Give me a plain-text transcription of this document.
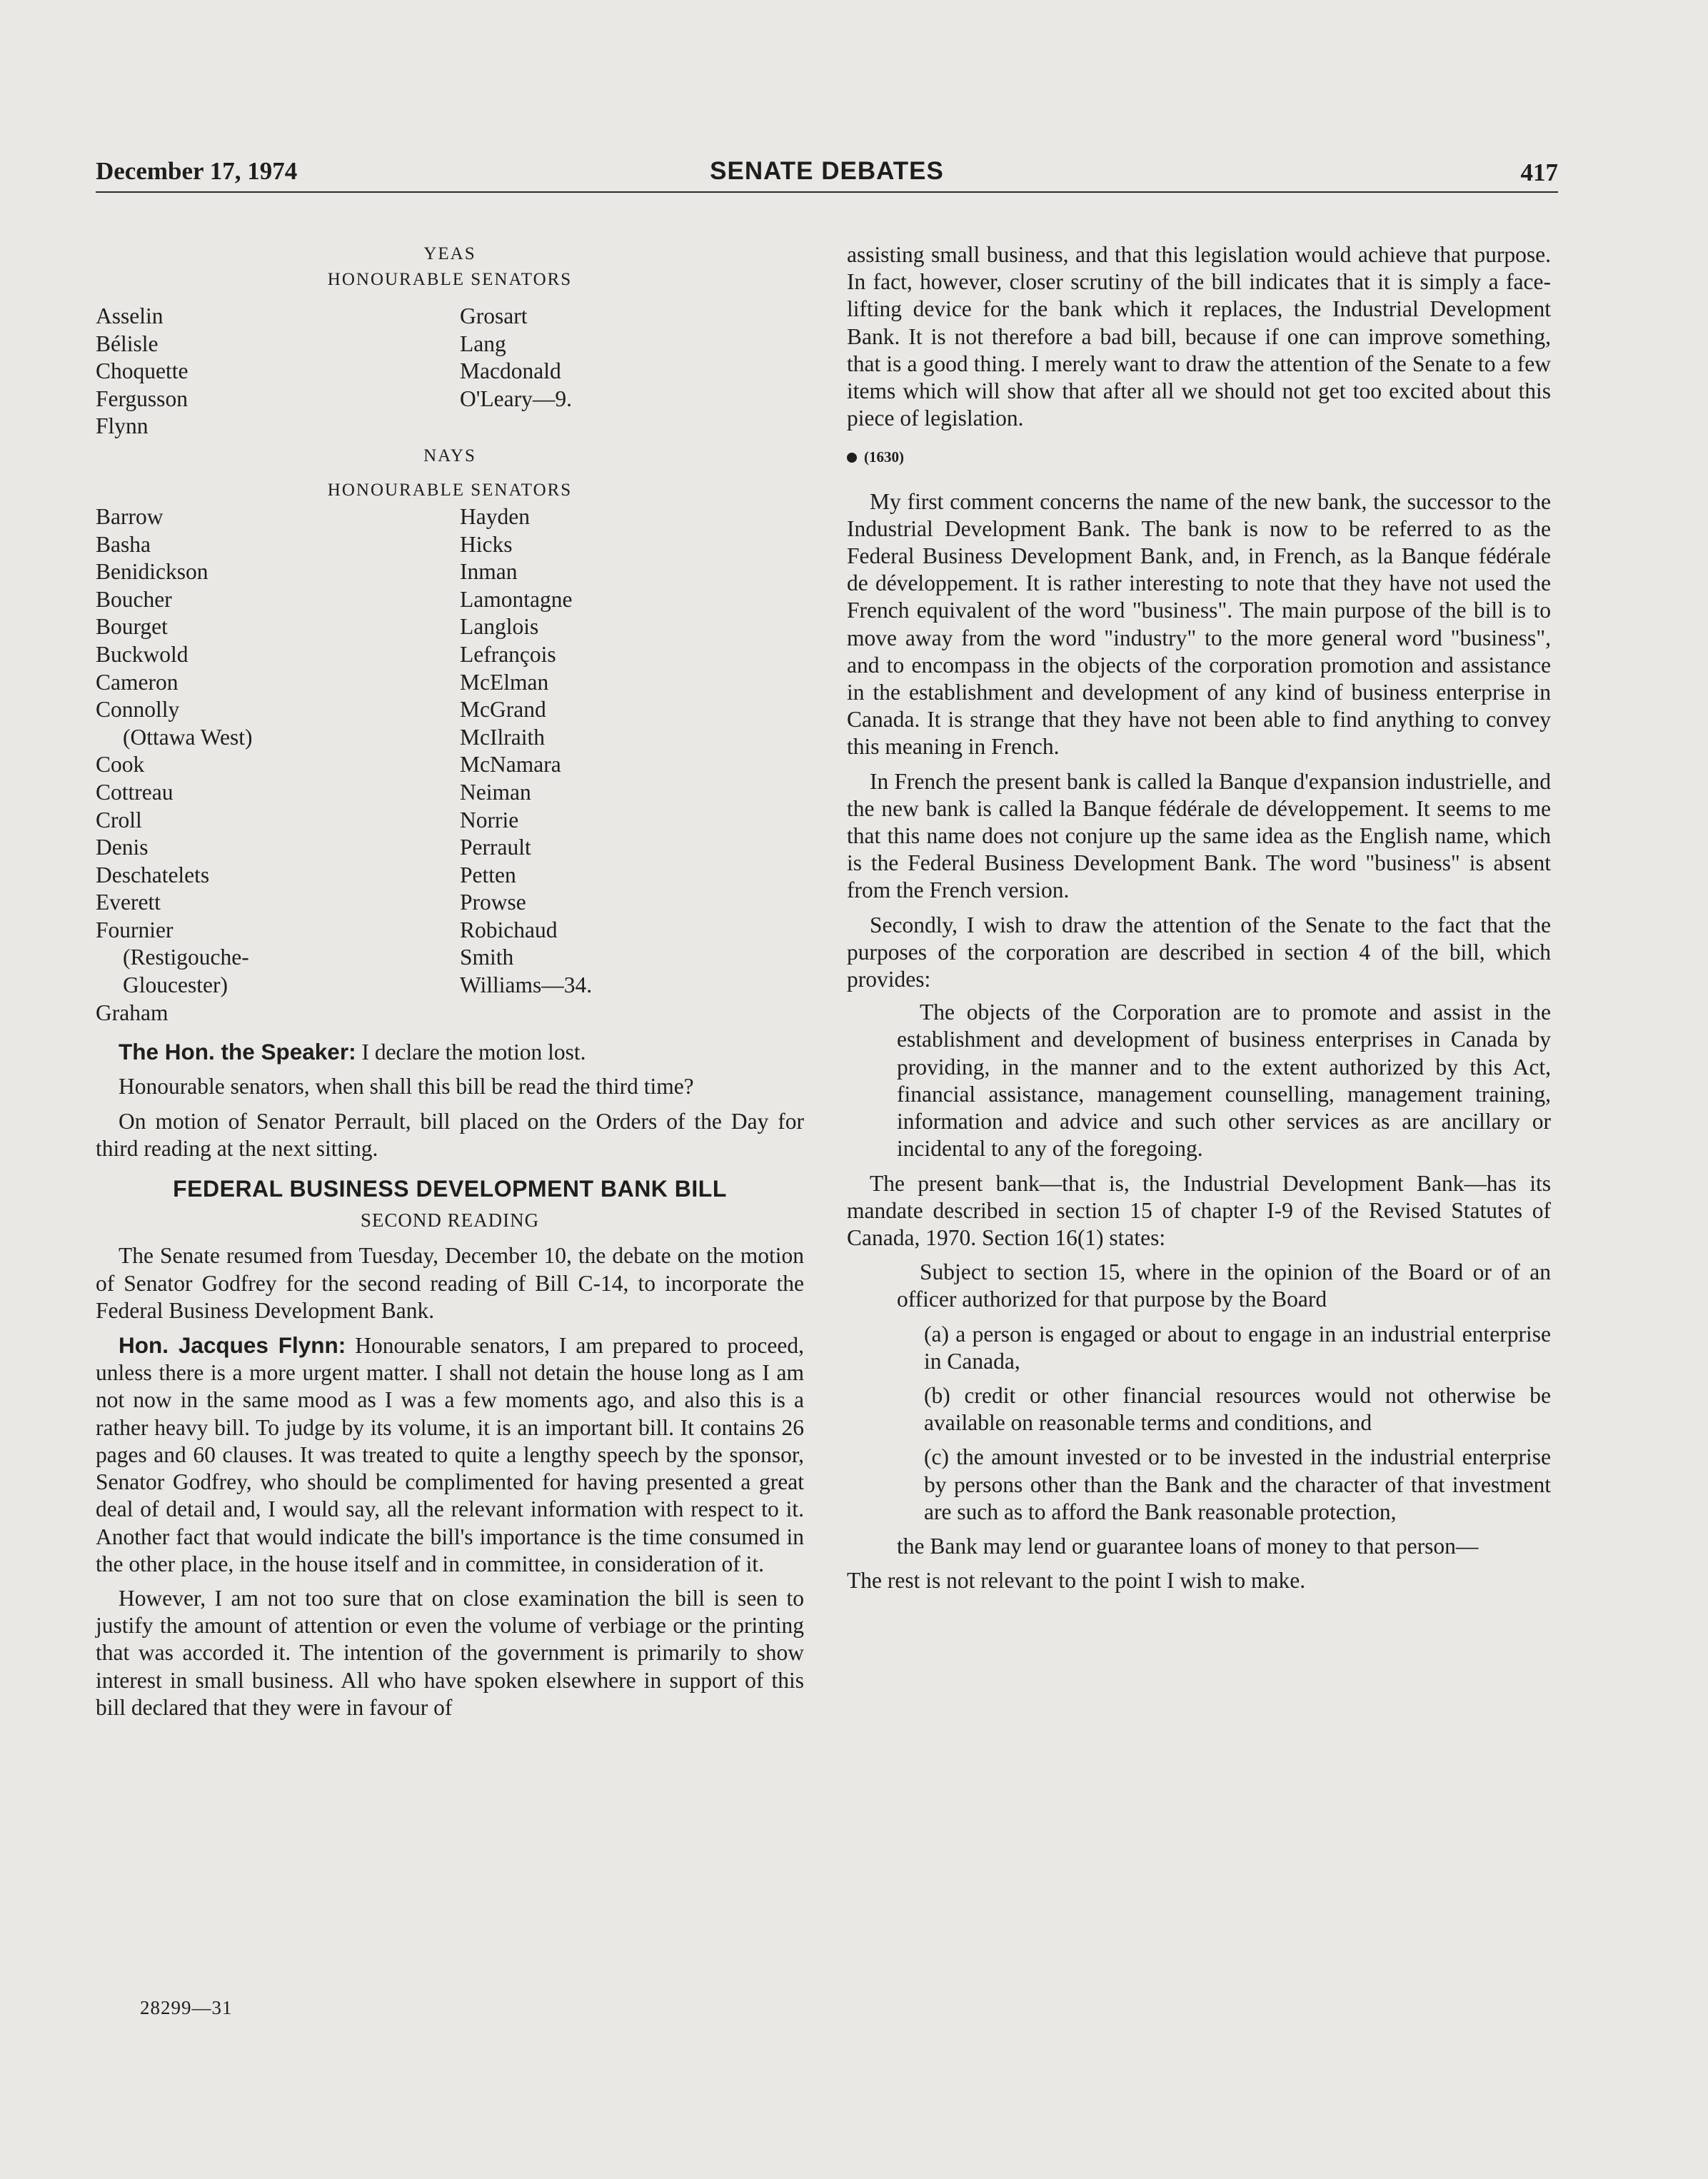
December 17, 1974	SENATE DEBATES	417
YEAS
HONOURABLE SENATORS
Asselin
Bélisle
Choquette
Fergusson
Flynn
Grosart
Lang
Macdonald
O'Leary—9.
NAYS
HONOURABLE SENATORS
Barrow
Basha
Benidickson
Boucher
Bourget
Buckwold
Cameron
Connolly
(Ottawa West)
Cook
Cottreau
Croll
Denis
Deschatelets
Everett
Fournier
(Restigouche-
Gloucester)
Graham
Hayden
Hicks
Inman
Lamontagne
Langlois
Lefrançois
McElman
McGrand
McIlraith
McNamara
Neiman
Norrie
Perrault
Petten
Prowse
Robichaud
Smith
Williams—34.

The Hon. the Speaker: I declare the motion lost.

Honourable senators, when shall this bill be read the third time?

On motion of Senator Perrault, bill placed on the Orders of the Day for third reading at the next sitting.

FEDERAL BUSINESS DEVELOPMENT BANK BILL
SECOND READING

The Senate resumed from Tuesday, December 10, the debate on the motion of Senator Godfrey for the second reading of Bill C-14, to incorporate the Federal Business Development Bank.

Hon. Jacques Flynn: Honourable senators, I am prepared to proceed, unless there is a more urgent matter. I shall not detain the house long as I am not now in the same mood as I was a few moments ago, and also this is a rather heavy bill. To judge by its volume, it is an important bill. It contains 26 pages and 60 clauses. It was treated to quite a lengthy speech by the sponsor, Senator Godfrey, who should be complimented for having presented a great deal of detail and, I would say, all the relevant information with respect to it. Another fact that would indicate the bill's importance is the time consumed in the other place, in the house itself and in committee, in consideration of it.

However, I am not too sure that on close examination the bill is seen to justify the amount of attention or even the volume of verbiage or the printing that was accorded it. The intention of the government is primarily to show interest in small business. All who have spoken elsewhere in support of this bill declared that they were in favour of

assisting small business, and that this legislation would achieve that purpose. In fact, however, closer scrutiny of the bill indicates that it is simply a face-lifting device for the bank which it replaces, the Industrial Development Bank. It is not therefore a bad bill, because if one can improve something, that is a good thing. I merely want to draw the attention of the Senate to a few items which will show that after all we should not get too excited about this piece of legislation.

(1630)

My first comment concerns the name of the new bank, the successor to the Industrial Development Bank. The bank is now to be referred to as the Federal Business Development Bank, and, in French, as la Banque fédérale de développement. It is rather interesting to note that they have not used the French equivalent of the word "business". The main purpose of the bill is to move away from the word "industry" to the more general word "business", and to encompass in the objects of the corporation promotion and assistance in the establishment and development of any kind of business enterprise in Canada. It is strange that they have not been able to find anything to convey this meaning in French.

In French the present bank is called la Banque d'expansion industrielle, and the new bank is called la Banque fédérale de développement. It seems to me that this name does not conjure up the same idea as the English name, which is the Federal Business Development Bank. The word "business" is absent from the French version.

Secondly, I wish to draw the attention of the Senate to the fact that the purposes of the corporation are described in section 4 of the bill, which provides:

The objects of the Corporation are to promote and assist in the establishment and development of business enterprises in Canada by providing, in the manner and to the extent authorized by this Act, financial assistance, management counselling, management training, information and advice and such other services as are ancillary or incidental to any of the foregoing.

The present bank—that is, the Industrial Development Bank—has its mandate described in section 15 of chapter I-9 of the Revised Statutes of Canada, 1970. Section 16(1) states:

Subject to section 15, where in the opinion of the Board or of an officer authorized for that purpose by the Board

(a) a person is engaged or about to engage in an industrial enterprise in Canada,

(b) credit or other financial resources would not otherwise be available on reasonable terms and conditions, and

(c) the amount invested or to be invested in the industrial enterprise by persons other than the Bank and the character of that investment are such as to afford the Bank reasonable protection,

the Bank may lend or guarantee loans of money to that person—

The rest is not relevant to the point I wish to make.

28299—31
